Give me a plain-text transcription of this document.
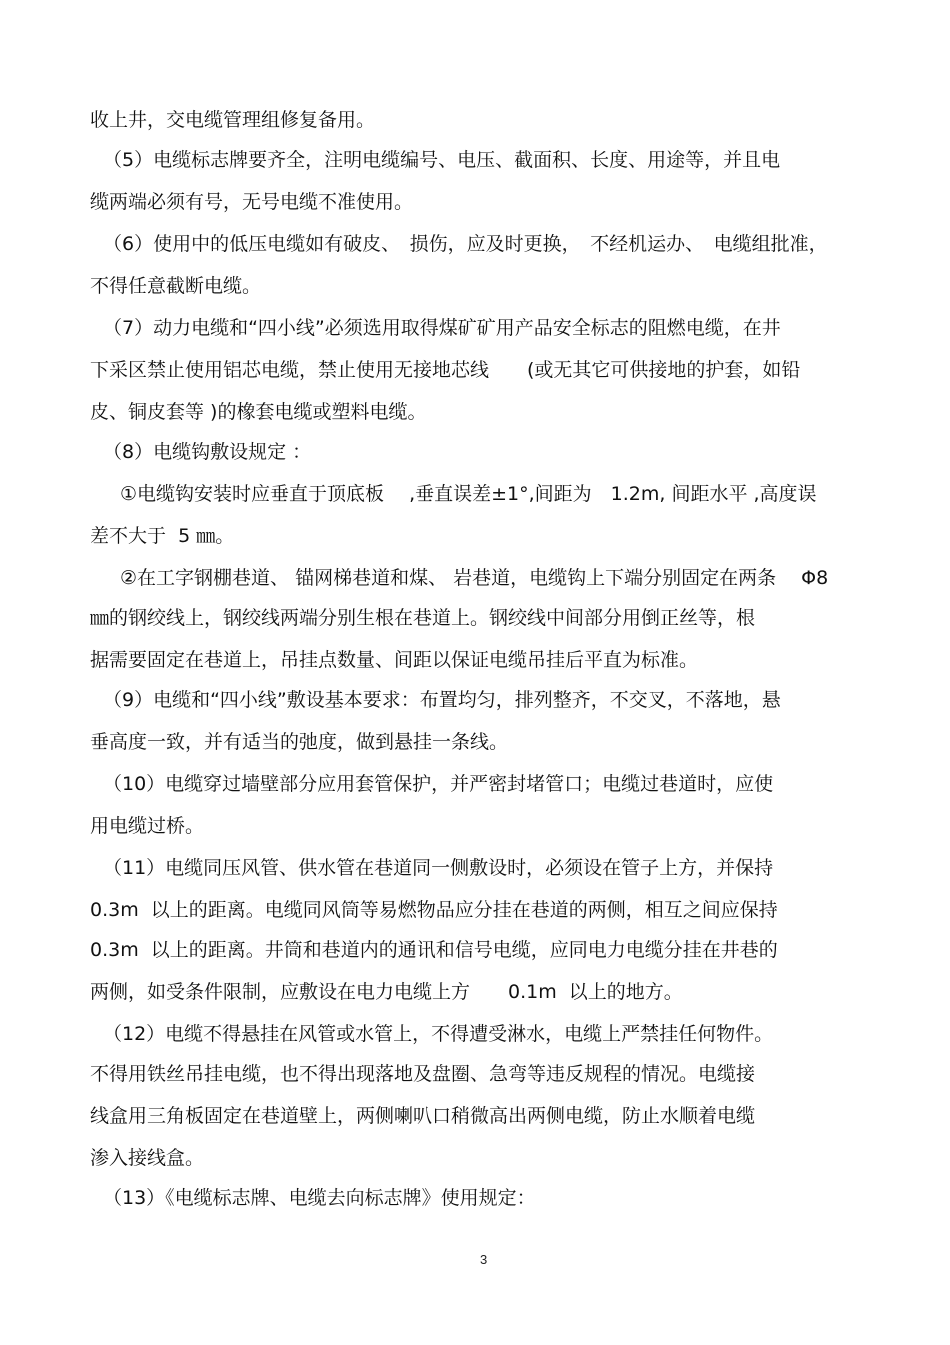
收上井，交电缆管理组修复备用。
（5）电缆标志牌要齐全，注明电缆编号、电压、截面积、长度、用途等，并且电
缆两端必须有号，无号电缆不准使用。
（6）使用中的低压电缆如有破皮、　损伤，应及时更换，　不经机运办、　电缆组批准，
不得任意截断电缆。
（7）动力电缆和“四小线”必须选用取得煤矿矿用产品安全标志的阻燃电缆，在井
下采区禁止使用铝芯电缆，禁止使用无接地芯线　　(或无其它可供接地的护套，如铅
皮、铜皮套等 )的橡套电缆或塑料电缆。
（8）电缆钩敷设规定 ：
①电缆钩安装时应垂直于顶底板　 ,垂直误差±1°,间距为　1.2m, 间距水平 ,高度误
差不大于  5 ㎜。
②在工字钢棚巷道、 锚网梯巷道和煤、 岩巷道，电缆钩上下端分别固定在两条　 Φ8
㎜的钢绞线上，钢绞线两端分别生根在巷道上。钢绞线中间部分用倒正丝等，根
据需要固定在巷道上，吊挂点数量、间距以保证电缆吊挂后平直为标准。
（9）电缆和“四小线”敷设基本要求：布置均匀，排列整齐，不交叉，不落地，悬
垂高度一致，并有适当的弛度，做到悬挂一条线。
（10）电缆穿过墙壁部分应用套管保护，并严密封堵管口；电缆过巷道时，应使
用电缆过桥。
（11）电缆同压风管、供水管在巷道同一侧敷设时，必须设在管子上方，并保持
0.3m  以上的距离。电缆同风筒等易燃物品应分挂在巷道的两侧，相互之间应保持
0.3m  以上的距离。井筒和巷道内的通讯和信号电缆，应同电力电缆分挂在井巷的
两侧，如受条件限制，应敷设在电力电缆上方　　0.1m  以上的地方。
（12）电缆不得悬挂在风管或水管上，不得遭受淋水，电缆上严禁挂任何物件。
不得用铁丝吊挂电缆，也不得出现落地及盘圈、急弯等违反规程的情况。电缆接
线盒用三角板固定在巷道壁上，两侧喇叭口稍微高出两侧电缆，防止水顺着电缆
渗入接线盒。
（13）《电缆标志牌、电缆去向标志牌》使用规定：
3
